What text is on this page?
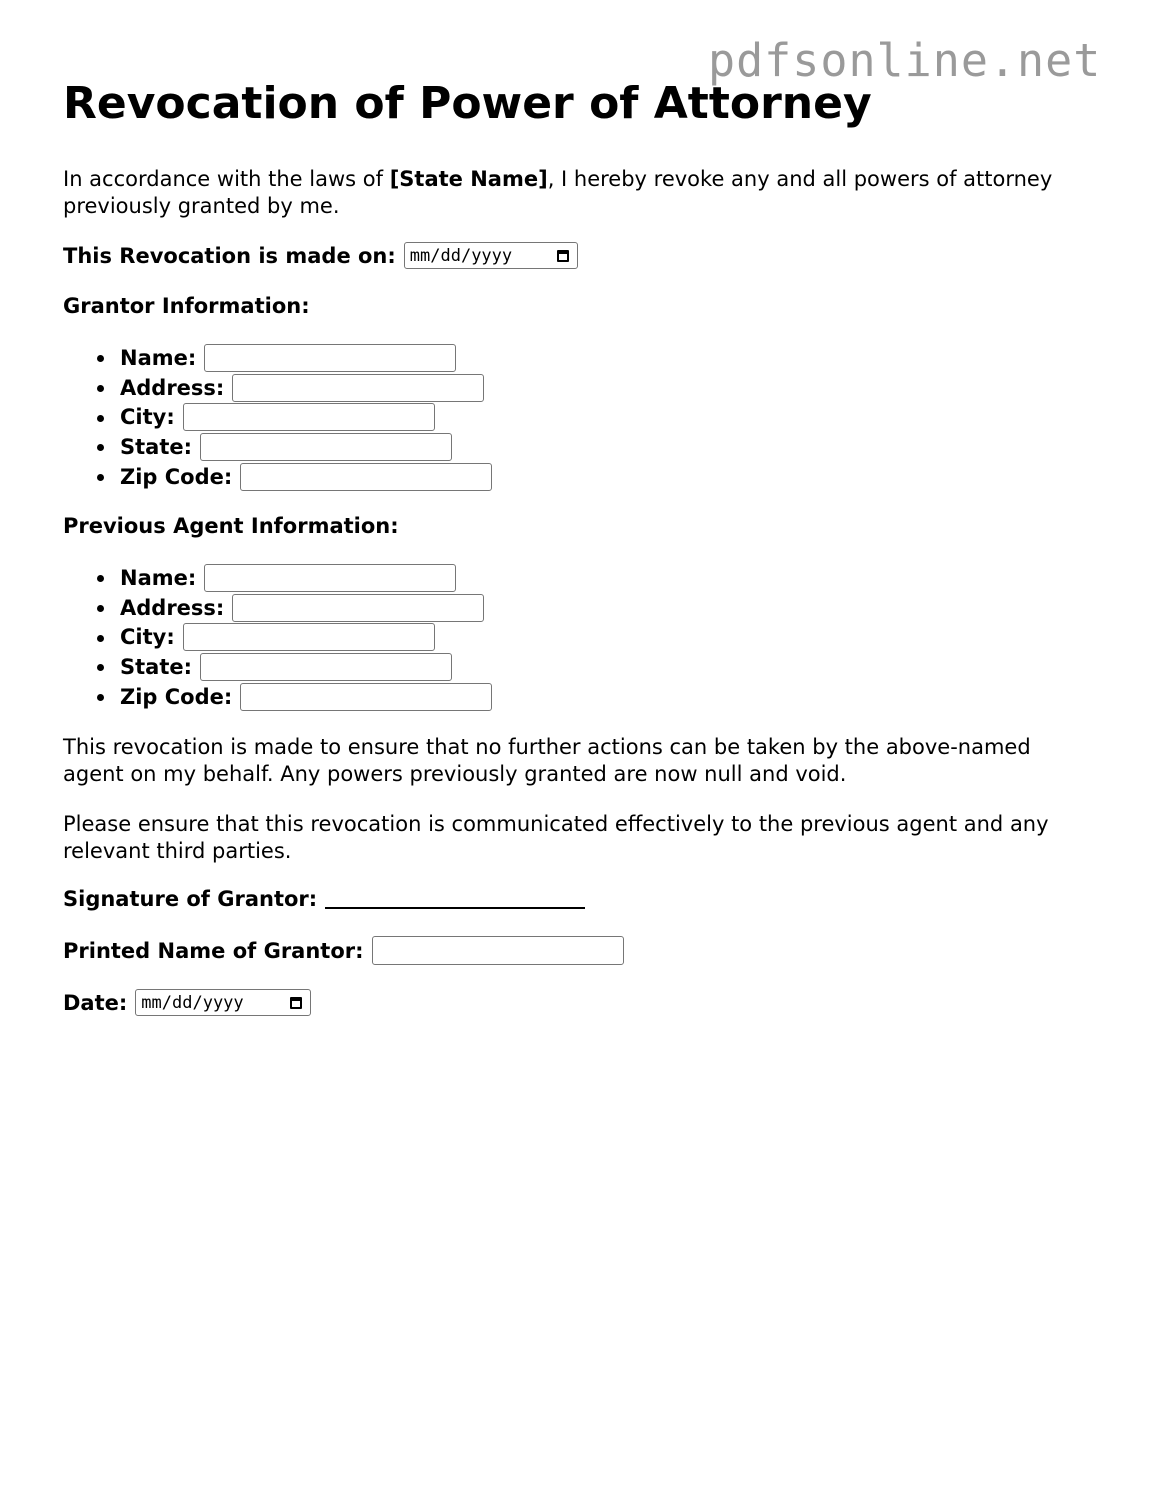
pdfsonline.net
Revocation of Power of Attorney

In accordance with the laws of [State Name], I hereby revoke any and all powers of attorney previously granted by me.

This Revocation is made on: mm/dd/yyyy
Grantor Information:
Name:
Address:
City:
State:
Zip Code:
Previous Agent Information:
Name:
Address:
City:
State:
Zip Code:

This revocation is made to ensure that no further actions can be taken by the above-named agent on my behalf. Any powers previously granted are now null and void.

Please ensure that this revocation is communicated effectively to the previous agent and any relevant third parties.

Signature of Grantor:
Printed Name of Grantor:
Date: mm/dd/yyyy
